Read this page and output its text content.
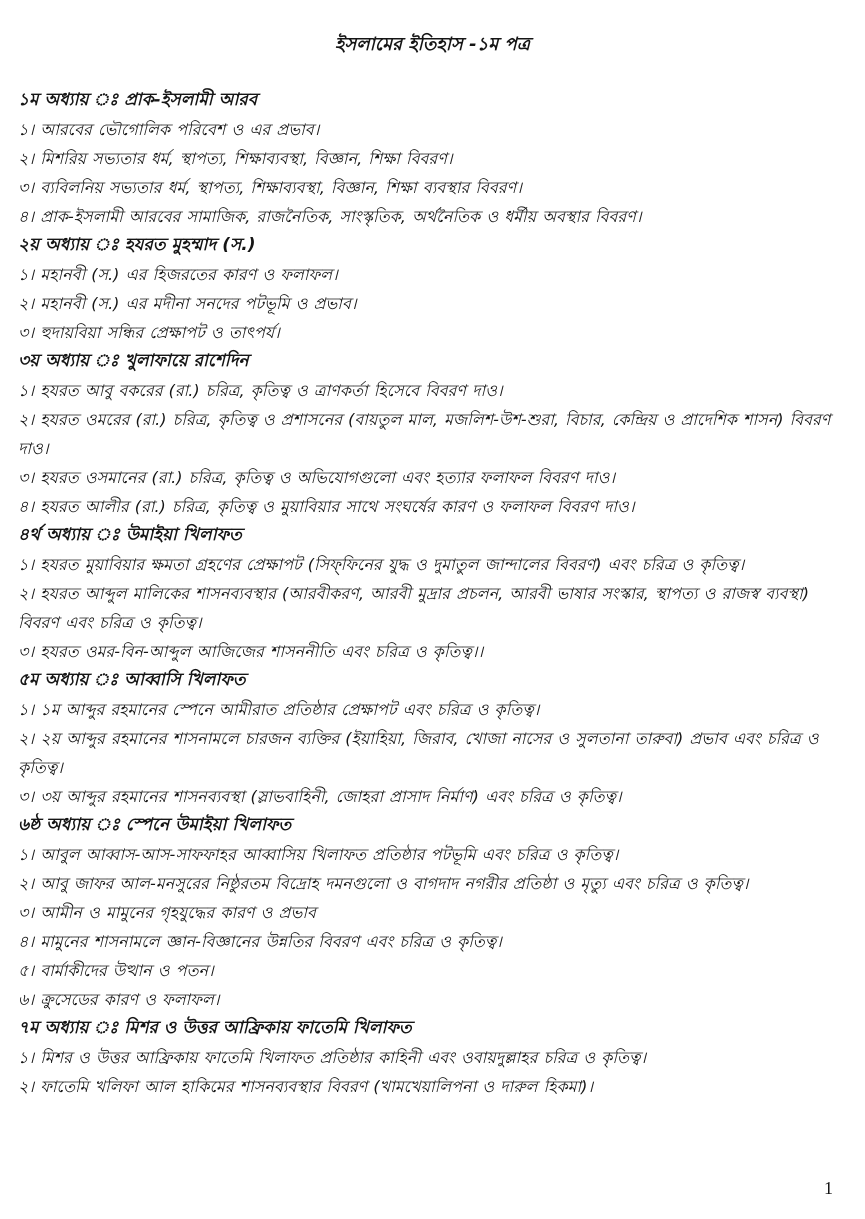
ইসলামের ইতিহাস -১ম পত্র
১ম অধ্যায় ঃ প্রাক-ইসলামী আরব
১। আরবের ভৌগোলিক পরিবেশ ও এর প্রভাব।
২। মিশরিয় সভ্যতার ধর্ম, স্থাপত্য, শিক্ষাব্যবস্থা, বিজ্ঞান, শিক্ষা বিবরণ।
৩। ব্যবিলনিয় সভ্যতার ধর্ম, স্থাপত্য, শিক্ষাব্যবস্থা, বিজ্ঞান, শিক্ষা ব্যবস্থার বিবরণ।
৪। প্রাক-ইসলামী আরবের সামাজিক, রাজনৈতিক, সাংস্কৃতিক, অর্থনৈতিক ও ধর্মীয় অবস্থার বিবরণ।
২য় অধ্যায় ঃ হযরত মুহম্মাদ (স.)
১। মহানবী (স.) এর হিজরতের কারণ ও ফলাফল।
২। মহানবী (স.) এর মদীনা সনদের পটভূমি ও প্রভাব।
৩। হুদায়বিয়া সন্ধির প্রেক্ষাপট ও তাৎপর্য।
৩য় অধ্যায় ঃ খুলাফায়ে রাশেদিন
১। হযরত আবু বকরের (রা.) চরিত্র, কৃতিত্ব ও ত্রাণকর্তা হিসেবে বিবরণ দাও।
২। হযরত ওমরের (রা.) চরিত্র, কৃতিত্ব ও প্রশাসনের (বায়তুল মাল, মজলিশ-উশ-শুরা, বিচার, কেন্দ্রিয় ও প্রাদেশিক শাসন) বিবরণ দাও।
৩। হযরত ওসমানের (রা.) চরিত্র, কৃতিত্ব ও অভিযোগগুলো এবং হত্যার ফলাফল বিবরণ দাও।
৪। হযরত আলীর (রা.) চরিত্র, কৃতিত্ব ও মুয়াবিয়ার সাথে সংঘর্ষের কারণ ও ফলাফল বিবরণ দাও।
৪র্থ অধ্যায় ঃ উমাইয়া খিলাফত
১। হযরত মুয়াবিয়ার ক্ষমতা গ্রহণের প্রেক্ষাপট (সিফ্‌ফিনের যুদ্ধ ও দুমাতুল জান্দালের বিবরণ) এবং চরিত্র ও কৃতিত্ব।
২। হযরত আব্দুল মালিকের শাসনব্যবস্থার (আরবীকরণ, আরবী মুদ্রার প্রচলন, আরবী ভাষার সংস্কার, স্থাপত্য ও রাজস্ব ব্যবস্থা) বিবরণ এবং চরিত্র ও কৃতিত্ব।
৩। হযরত ওমর-বিন-আব্দুল আজিজের শাসননীতি এবং চরিত্র ও কৃতিত্ব।।
৫ম অধ্যায় ঃ আব্বাসি খিলাফত
১। ১ম আব্দুর রহমানের স্পেনে আমীরাত প্রতিষ্ঠার প্রেক্ষাপট এবং চরিত্র ও কৃতিত্ব।
২। ২য় আব্দুর রহমানের শাসনামলে চারজন ব্যক্তির (ইয়াহিয়া, জিরাব, খোজা নাসের ও সুলতানা তারুবা) প্রভাব এবং চরিত্র ও কৃতিত্ব।
৩। ৩য় আব্দুর রহমানের শাসনব্যবস্থা (স্লাভবাহিনী, জোহরা প্রাসাদ নির্মাণ) এবং চরিত্র ও কৃতিত্ব।
৬ষ্ঠ অধ্যায় ঃ স্পেনে উমাইয়া খিলাফত
১। আবুল আব্বাস-আস-সাফফাহর আব্বাসিয় খিলাফত প্রতিষ্ঠার পটভূমি এবং চরিত্র ও কৃতিত্ব।
২। আবু জাফর আল-মনসুরের নিষ্ঠুরতম বিদ্রোহ দমনগুলো ও বাগদাদ নগরীর প্রতিষ্ঠা ও মৃত্যু এবং চরিত্র ও কৃতিত্ব।
৩। আমীন ও মামুনের গৃহযুদ্ধের কারণ ও প্রভাব
৪। মামুনের শাসনামলে জ্ঞান-বিজ্ঞানের উন্নতির বিবরণ এবং চরিত্র ও কৃতিত্ব।
৫। বার্মাকীদের উত্থান ও পতন।
৬। ক্রুসেডের কারণ ও ফলাফল।
৭ম অধ্যায় ঃ মিশর ও উত্তর আফ্রিকায় ফাতেমি খিলাফত
১। মিশর ও উত্তর আফ্রিকায় ফাতেমি খিলাফত প্রতিষ্ঠার কাহিনী এবং ওবায়দুল্লাহর চরিত্র ও কৃতিত্ব।
২। ফাতেমি খলিফা আল হাকিমের শাসনব্যবস্থার বিবরণ (খামখেয়ালিপনা ও দারুল হিকমা)।
1
